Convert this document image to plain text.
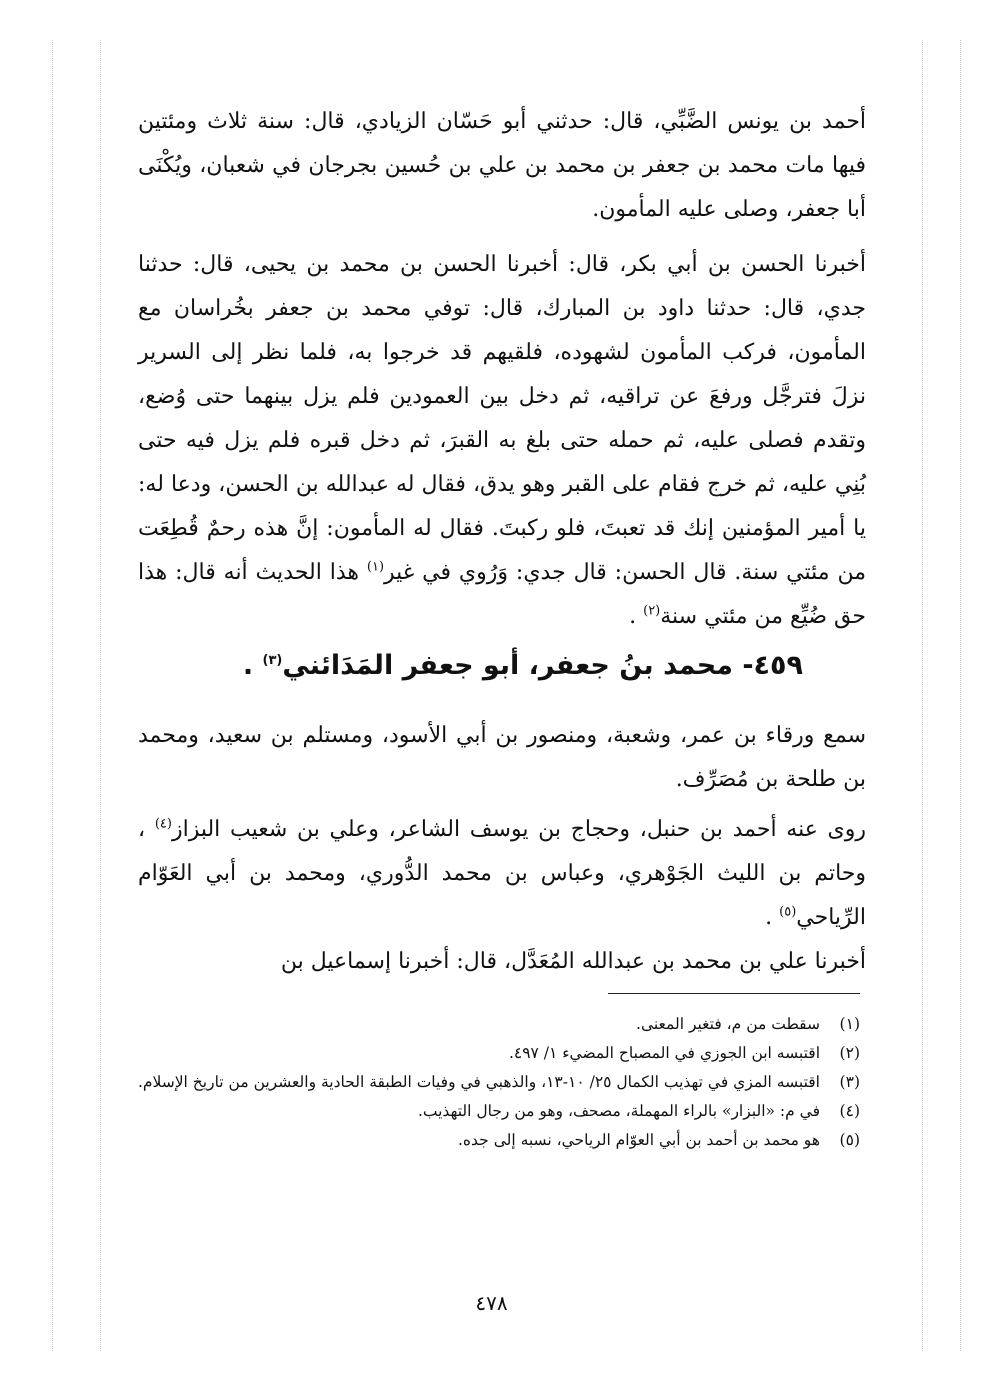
أحمد بن يونس الضَّبِّي، قال: حدثني أبو حَسّان الزيادي، قال: سنة ثلاث ومئتين فيها مات محمد بن جعفر بن محمد بن علي بن حُسين بجرجان في شعبان، ويُكْنَى أبا جعفر، وصلى عليه المأمون.

أخبرنا الحسن بن أبي بكر، قال: أخبرنا الحسن بن محمد بن يحيى، قال: حدثنا جدي، قال: حدثنا داود بن المبارك، قال: توفي محمد بن جعفر بخُراسان مع المأمون، فركب المأمون لشهوده، فلقيهم قد خرجوا به، فلما نظر إلى السرير نزلَ فترجَّل ورفعَ عن تراقيه، ثم دخل بين العمودين فلم يزل بينهما حتى وُضع، وتقدم فصلى عليه، ثم حمله حتى بلغ به القبرَ، ثم دخل قبره فلم يزل فيه حتى بُنِي عليه، ثم خرج فقام على القبر وهو يدق، فقال له عبدالله بن الحسن، ودعا له: يا أمير المؤمنين إنك قد تعبتَ، فلو ركبتَ. فقال له المأمون: إنَّ هذه رحمٌ قُطِعَت من مئتي سنة. قال الحسن: قال جدي: وَرُوي في غير$^{(١)}$ هذا الحديث أنه قال: هذا حق ضُيِّع من مئتي سنة$^{(٢)}$ .

٤٥٩- محمد بنُ جعفر، أبو جعفر المَدَائني$^{(٣)}$ .

سمع ورقاء بن عمر، وشعبة، ومنصور بن أبي الأسود، ومستلم بن سعيد، ومحمد بن طلحة بن مُصَرِّف.

روى عنه أحمد بن حنبل، وحجاج بن يوسف الشاعر، وعلي بن شعيب البزاز$^{(٤)}$ ، وحاتم بن الليث الجَوْهري، وعباس بن محمد الدُّوري، ومحمد بن أبي العَوّام الرِّياحي$^{(٥)}$ .

أخبرنا علي بن محمد بن عبدالله المُعَدَّل، قال: أخبرنا إسماعيل بن

(١)
سقطت من م، فتغير المعنى.
(٢)
اقتبسه ابن الجوزي في المصباح المضيء ١/ ٤٩٧.
(٣)
اقتبسه المزي في تهذيب الكمال ٢٥/ ١٠-١٣، والذهبي في وفيات الطبقة الحادية والعشرين من تاريخ الإسلام.
(٤)
في م: «البزار» بالراء المهملة، مصحف، وهو من رجال التهذيب.
(٥)
هو محمد بن أحمد بن أبي العوّام الرياحي، نسبه إلى جده.
٤٧٨
